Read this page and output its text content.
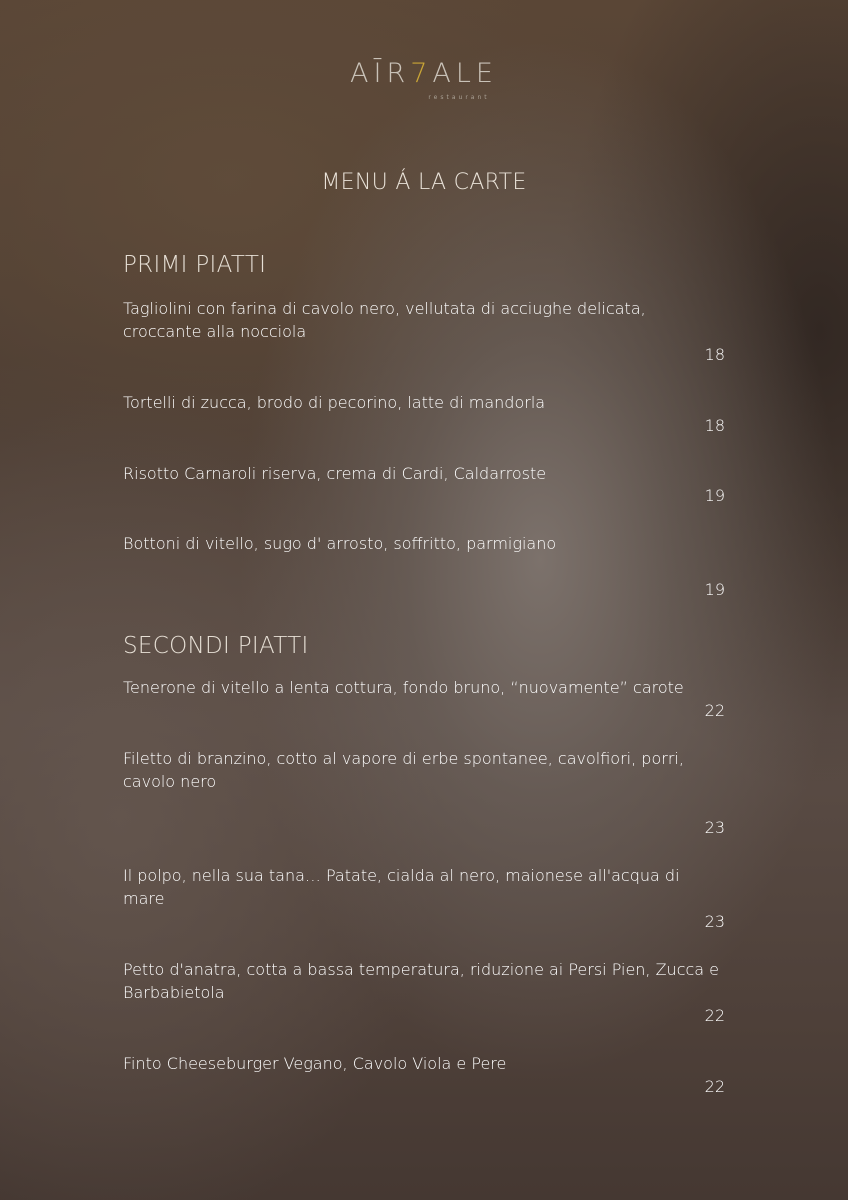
AĪR7ALE
restaurant
MENU Á LA CARTE
PRIMI PIATTI

Tagliolini con farina di cavolo nero, vellutata di acciughe delicata, croccante alla nocciola

18

Tortelli di zucca, brodo di pecorino, latte di mandorla

18

Risotto Carnaroli riserva, crema di Cardi, Caldarroste

19

Bottoni di vitello, sugo d' arrosto, soffritto, parmigiano

19
SECONDI PIATTI

Tenerone di vitello a lenta cottura, fondo bruno, “nuovamente” carote

22

Filetto di branzino, cotto al vapore di erbe spontanee, cavolfiori, porri, cavolo nero

23

Il polpo, nella sua tana… Patate, cialda al nero, maionese all'acqua di mare

23

Petto d'anatra, cotta a bassa temperatura, riduzione ai Persi Pien, Zucca e Barbabietola

22

Finto Cheeseburger Vegano, Cavolo Viola e Pere

22
